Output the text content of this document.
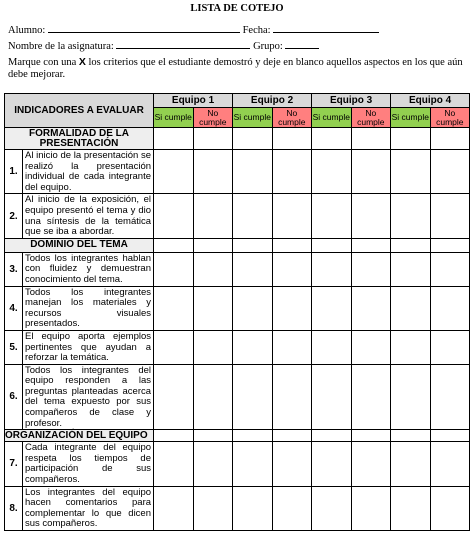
LISTA DE COTEJO
Alumno:	Fecha:
Nombre de la asignatura:	Grupo:
Marque con una X los criterios que el estudiante demostró y deje en blanco aquellos aspectos en los que aún debe mejorar.
INDICADORES A EVALUAR		Equipo 1		Equipo 2		Equipo 3		Equipo 4	
		Si cumple	No cumple	Si cumple	No cumple	Si cumple	No cumple	Si cumple	No cumple
FORMALIDAD DE LA PRESENTACIÓN									
1.	Al inicio de la presentación se realizó la presentación individual de cada integrante del equipo.								
2.	Al inicio de la exposición, el equipo presentó el tema y dio una síntesis de la temática que se iba a abordar.								
DOMINIO DEL TEMA									
3.	Todos los integrantes hablan con fluidez y demuestran conocimiento del tema.								
4.	Todos los integrantes manejan los materiales y recursos visuales presentados.								
5.	El equipo aporta ejemplos pertinentes que ayudan a reforzar la temática.								
6.	Todos los integrantes del equipo responden a las preguntas planteadas acerca del tema expuesto por sus compañeros de clase y profesor.								
ORGANIZACIÓN DEL EQUIPO									
7.	Cada integrante del equipo respeta los tiempos de participación de sus compañeros.								
8.	Los integrantes del equipo hacen comentarios para complementar lo que dicen sus compañeros.								
